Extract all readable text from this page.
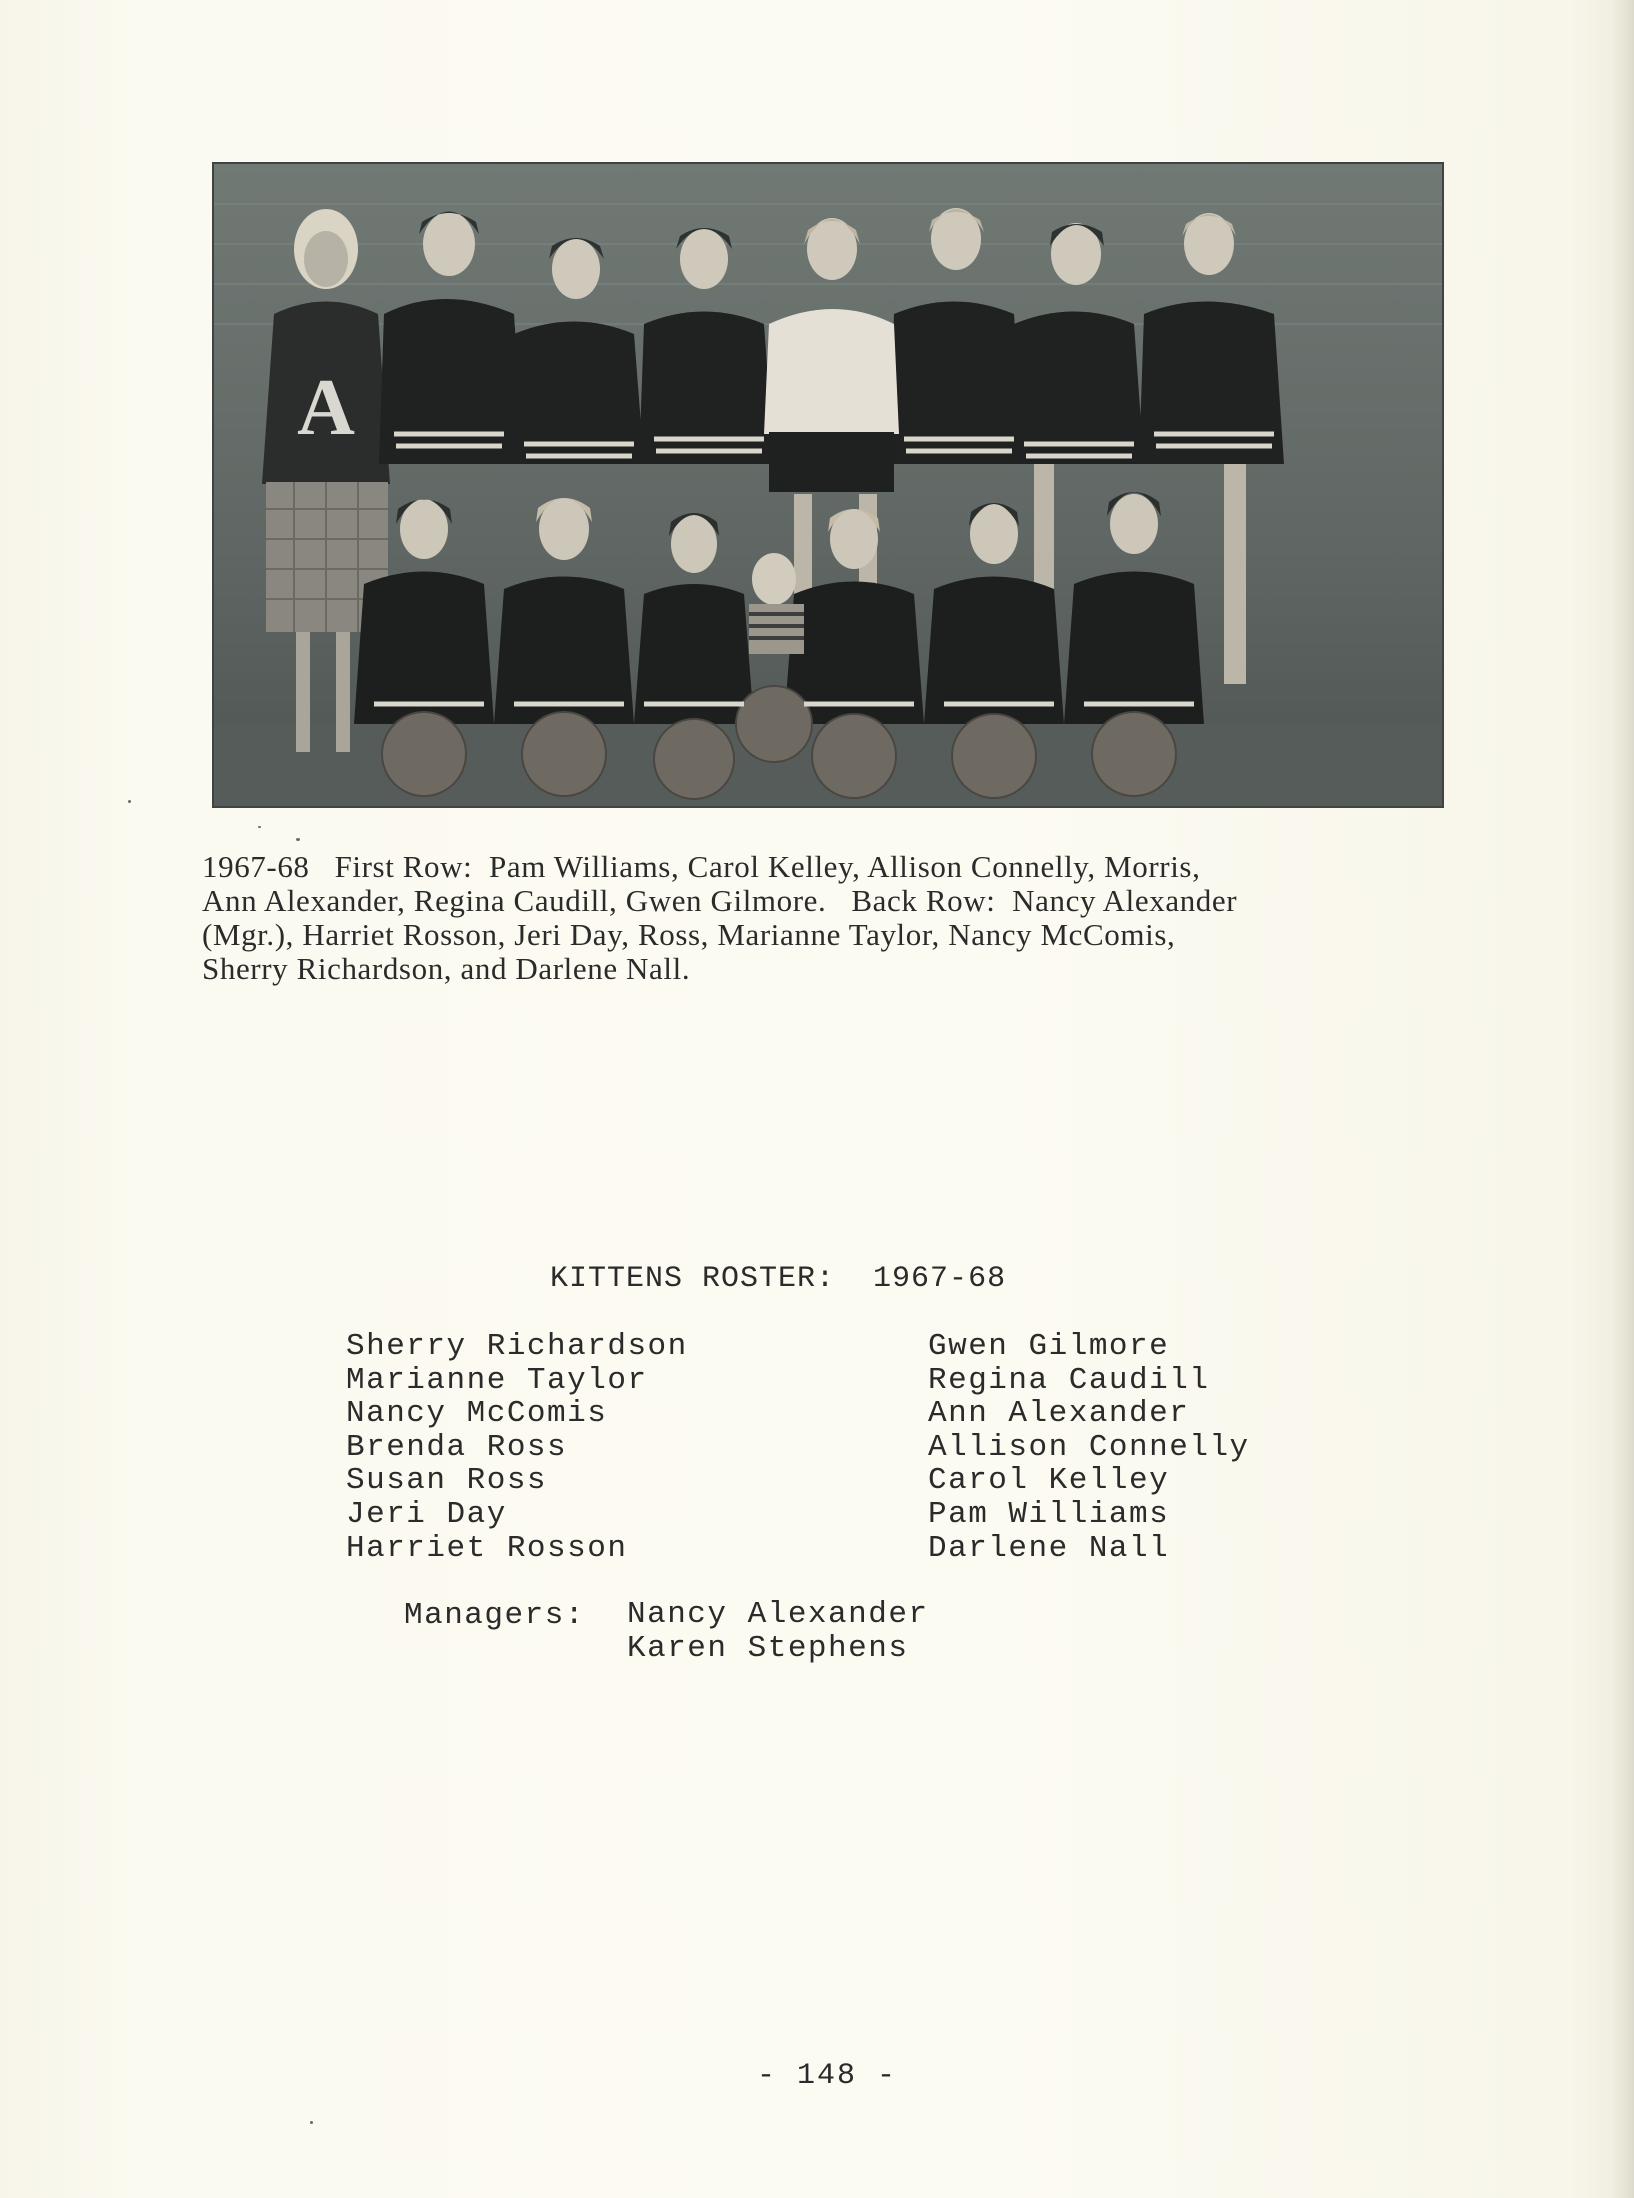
A
1967-68   First Row:  Pam Williams, Carol Kelley, Allison Connelly, Morris,
Ann Alexander, Regina Caudill, Gwen Gilmore.   Back Row:  Nancy Alexander
(Mgr.), Harriet Rosson, Jeri Day, Ross, Marianne Taylor, Nancy McComis,
Sherry Richardson, and Darlene Nall.
KITTENS ROSTER:  1967-68
Sherry Richardson
Marianne Taylor
Nancy McComis
Brenda Ross
Susan Ross
Jeri Day
Harriet Rosson
Gwen Gilmore
Regina Caudill
Ann Alexander
Allison Connelly
Carol Kelley
Pam Williams
Darlene Nall
Managers: Nancy Alexander
Karen Stephens
- 148 -
